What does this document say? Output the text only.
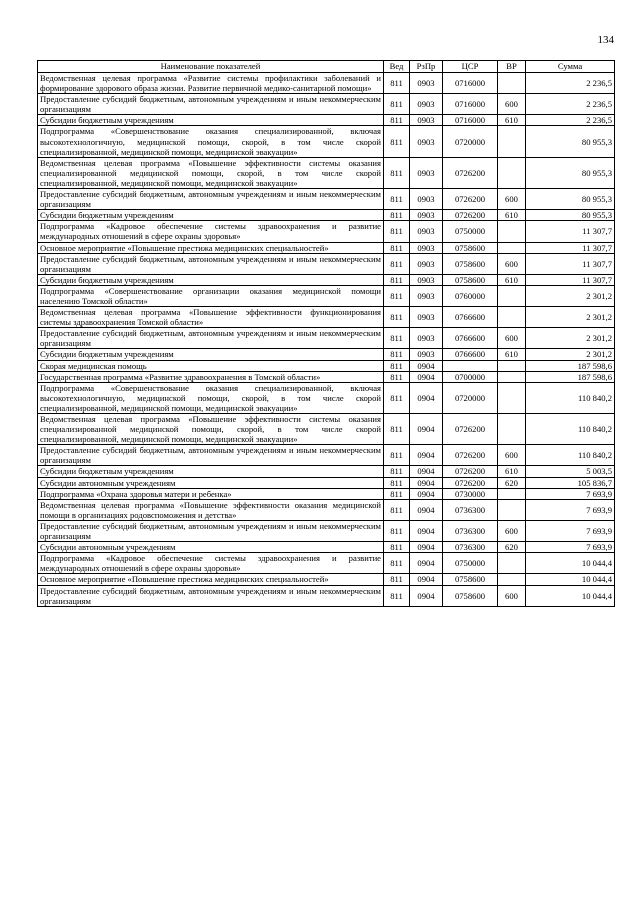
134
Наименование показателей	Вед	РзПр	ЦСР	ВР	Сумма
Ведомственная целевая программа «Развитие системы профилактики заболеваний и формирование здорового образа жизни. Развитие первичной медико-санитарной помощи»	811	0903	0716000		2 236,5
Предоставление субсидий бюджетным, автономным учреждениям и иным некоммерческим организациям	811	0903	0716000	600	2 236,5
Субсидии бюджетным учреждениям	811	0903	0716000	610	2 236,5
Подпрограмма «Совершенствование оказания специализированной, включая высокотехнологичную, медицинской помощи, скорой, в том числе скорой специализированной, медицинской помощи, медицинской эвакуации»	811	0903	0720000		80 955,3
Ведомственная целевая программа «Повышение эффективности системы оказания специализированной медицинской помощи, скорой, в том числе скорой специализированной, медицинской помощи, медицинской эвакуации»	811	0903	0726200		80 955,3
Предоставление субсидий бюджетным, автономным учреждениям и иным некоммерческим организациям	811	0903	0726200	600	80 955,3
Субсидии бюджетным учреждениям	811	0903	0726200	610	80 955,3
Подпрограмма «Кадровое обеспечение системы здравоохранения и развитие международных отношений в сфере охраны здоровья»	811	0903	0750000		11 307,7
Основное мероприятие «Повышение престижа медицинских специальностей»	811	0903	0758600		11 307,7
Предоставление субсидий бюджетным, автономным учреждениям и иным некоммерческим организациям	811	0903	0758600	600	11 307,7
Субсидии бюджетным учреждениям	811	0903	0758600	610	11 307,7
Подпрограмма «Совершенствование организации оказания медицинской помощи населению Томской области»	811	0903	0760000		2 301,2
Ведомственная целевая программа «Повышение эффективности функционирования системы здравоохранения Томской области»	811	0903	0766600		2 301,2
Предоставление субсидий бюджетным, автономным учреждениям и иным некоммерческим организациям	811	0903	0766600	600	2 301,2
Субсидии бюджетным учреждениям	811	0903	0766600	610	2 301,2
Скорая медицинская помощь	811	0904			187 598,6
Государственная программа «Развитие здравоохранения в Томской области»	811	0904	0700000		187 598,6
Подпрограмма «Совершенствование оказания специализированной, включая высокотехнологичную, медицинской помощи, скорой, в том числе скорой специализированной, медицинской помощи, медицинской эвакуации»	811	0904	0720000		110 840,2
Ведомственная целевая программа «Повышение эффективности системы оказания специализированной медицинской помощи, скорой, в том числе скорой специализированной, медицинской помощи, медицинской эвакуации»	811	0904	0726200		110 840,2
Предоставление субсидий бюджетным, автономным учреждениям и иным некоммерческим организациям	811	0904	0726200	600	110 840,2
Субсидии бюджетным учреждениям	811	0904	0726200	610	5 003,5
Субсидии автономным учреждениям	811	0904	0726200	620	105 836,7
Подпрограмма «Охрана здоровья матери и ребенка»	811	0904	0730000		7 693,9
Ведомственная целевая программа «Повышение эффективности оказания медицинской помощи в организациях родовспоможения и детства»	811	0904	0736300		7 693,9
Предоставление субсидий бюджетным, автономным учреждениям и иным некоммерческим организациям	811	0904	0736300	600	7 693,9
Субсидии автономным учреждениям	811	0904	0736300	620	7 693,9
Подпрограмма «Кадровое обеспечение системы здравоохранения и развитие международных отношений в сфере охраны здоровья»	811	0904	0750000		10 044,4
Основное мероприятие «Повышение престижа медицинских специальностей»	811	0904	0758600		10 044,4
Предоставление субсидий бюджетным, автономным учреждениям и иным некоммерческим организациям	811	0904	0758600	600	10 044,4
